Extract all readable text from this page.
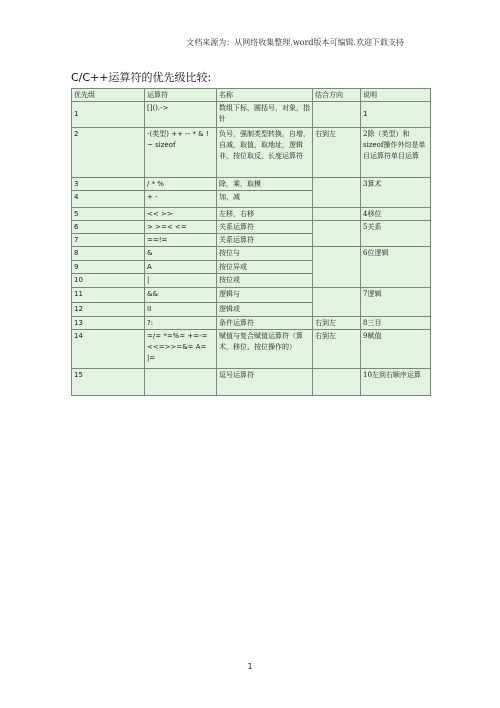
文档来源为：从网络收集整理.word版本可编辑.欢迎下载支持
C/C++运算符的优先级比较:
优先级	运算符	名称	结合方向	说明
1	[]().->	数组下标，圆括号，对象，指针		1
2	-(类型) ++ -- * & ! ~ sizeof	负号，强制类型转换，自增，自减，取值，取地址，逻辑非，按位取反，长度运算符	右到左	2除（类型）和sizeof操作外均是单目运算符单目运算
3	/ * %	除，乘，取模		3算术
4	+ -	加，减		
5	<< >>	左移，右移		4移位
6	> >=< <=	关系运算符		5关系
7	==!=	关系运算符		
8	&	按位与		6位逻辑
9	A	按位异或		
10	|	按位或		
11	&&	逻辑与		7逻辑
12	II	逻辑或		
13	?:	条件运算符	右到左	8三目
14	=/= *=%= +=-= <<=>>=&= A= |=	赋值与复合赋值运算符（算术，移位，按位操作的）	右到左	9赋值
15		逗号运算符		10左到右顺序运算
1
